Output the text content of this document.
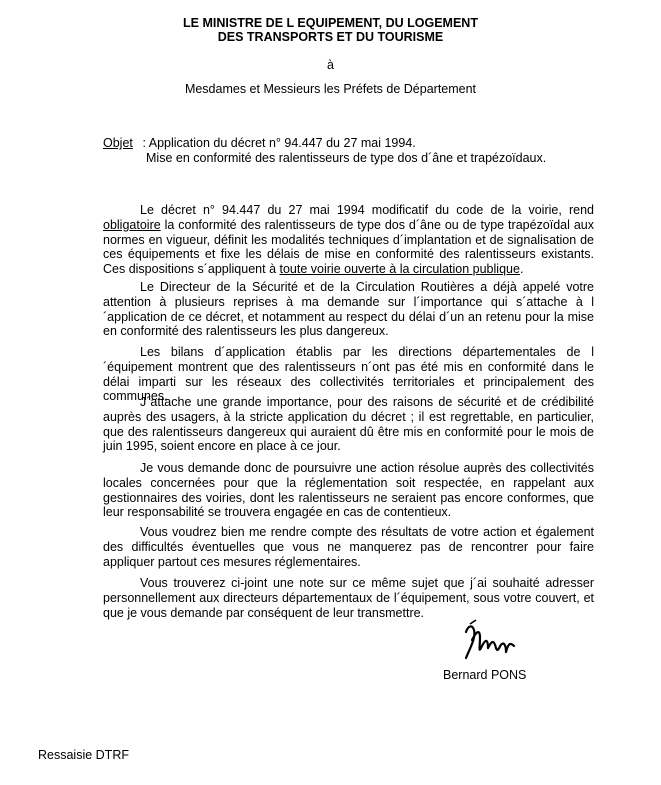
LE MINISTRE DE L EQUIPEMENT, DU LOGEMENT
DES TRANSPORTS ET DU TOURISME
à
Mesdames et Messieurs les Préfets de Département
Objet : Application du décret n° 94.447 du 27 mai 1994.
Mise en conformité des ralentisseurs de type dos d´âne et trapézoïdaux.

Le décret n° 94.447 du 27 mai 1994 modificatif du code de la voirie, rend obligatoire la conformité des ralentisseurs de type dos d´âne ou de type trapézoïdal aux normes en vigueur, définit les modalités techniques d´implantation et de signalisation de ces équipements et fixe les délais de mise en conformité des ralentisseurs existants. Ces dispositions s´appliquent à toute voirie ouverte à la circulation publique.

Le Directeur de la Sécurité et de la Circulation Routières a déjà appelé votre attention à plusieurs reprises à ma demande sur l´importance qui s´attache à l´application de ce décret, et notamment au respect du délai d´un an retenu pour la mise en conformité des ralentisseurs les plus dangereux.

Les bilans d´application établis par les directions départementales de l´équipement montrent que des ralentisseurs n´ont pas été mis en conformité dans le délai imparti sur les réseaux des collectivités territoriales et principalement des communes.

J´attache une grande importance, pour des raisons de sécurité et de crédibilité auprès des usagers, à la stricte application du décret ; il est regrettable, en particulier, que des ralentisseurs dangereux qui auraient dû être mis en conformité pour le mois de juin 1995, soient encore en place à ce jour.

Je vous demande donc de poursuivre une action résolue auprès des collectivités locales concernées pour que la réglementation soit respectée, en rappelant aux gestionnaires des voiries, dont les ralentisseurs ne seraient pas encore conformes, que leur responsabilité se trouvera engagée en cas de contentieux.

Vous voudrez bien me rendre compte des résultats de votre action et également des difficultés éventuelles que vous ne manquerez pas de rencontrer pour faire appliquer partout ces mesures réglementaires.

Vous trouverez ci-joint une note sur ce même sujet que j´ai souhaité adresser personnellement aux directeurs départementaux de l´équipement, sous votre couvert, et que je vous demande par conséquent de leur transmettre.

Bernard PONS
Ressaisie DTRF
